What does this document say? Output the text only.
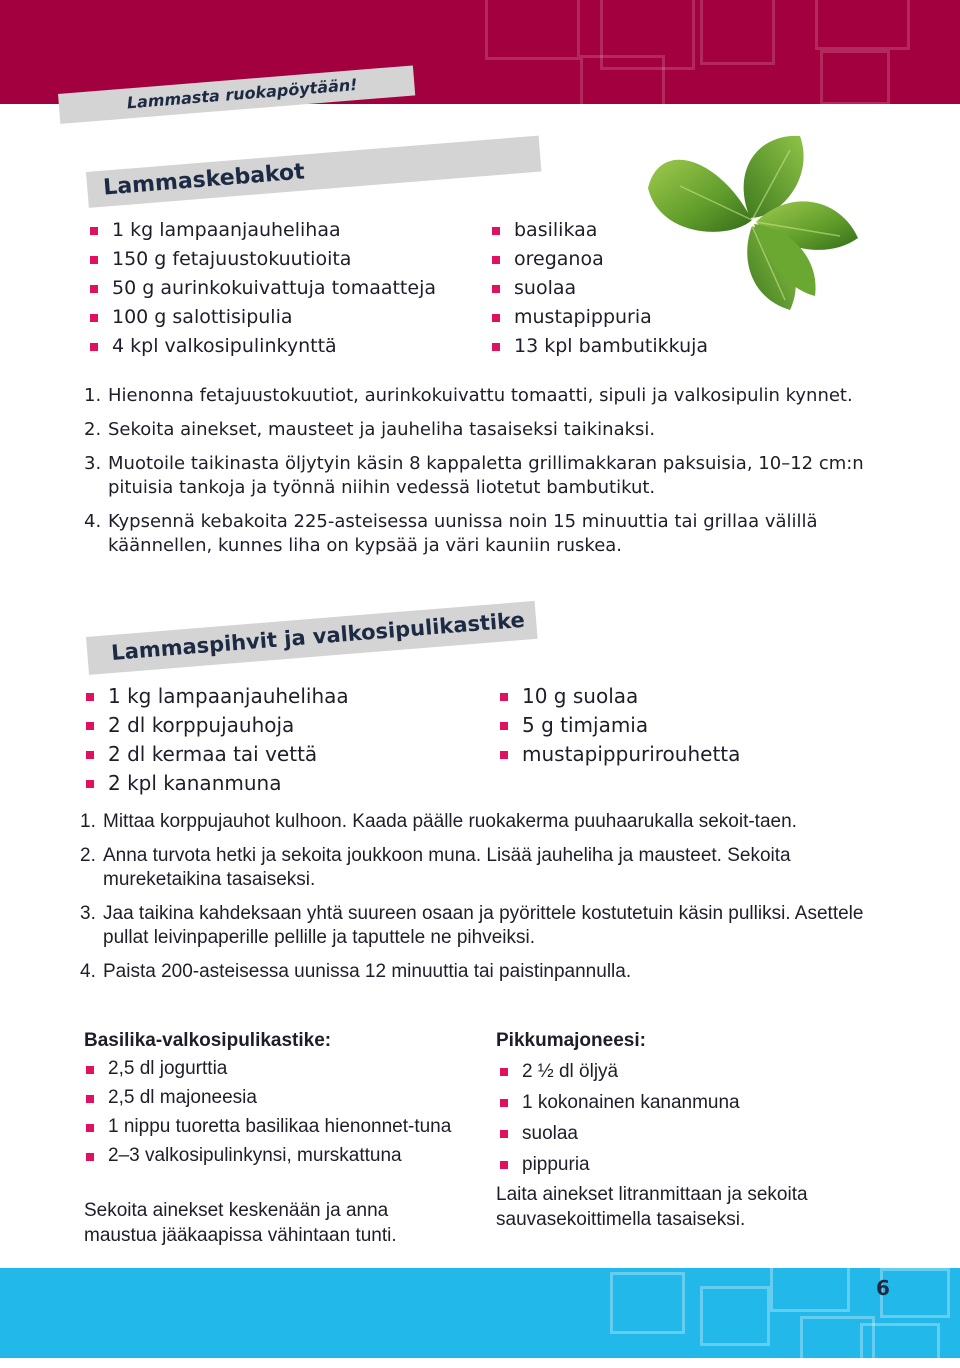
Lammasta ruokapöytään!
Lammaskebakot
1 kg lampaanjauhelihaa
150 g fetajuustokuutioita
50 g aurinkokuivattuja tomaatteja
100 g salottisipulia
4 kpl valkosipulinkynttä
basilikaa
oreganoa
suolaa
mustapippuria
13 kpl bambutikkuja
1. Hienonna fetajuustokuutiot, aurinkokuivattu tomaatti, sipuli ja valkosipulin kynnet.
2. Sekoita ainekset, mausteet ja jauheliha tasaiseksi taikinaksi.
3. Muotoile taikinasta öljytyin käsin 8 kappaletta grillimakkaran paksuisia, 10–12 cm:n pituisia tankoja ja työnnä niihin vedessä liotetut bambutikut.
4. Kypsennä kebakoita 225-asteisessa uunissa noin 15 minuuttia tai grillaa välillä käännellen, kunnes liha on kypsää ja väri kauniin ruskea.
Lammaspihvit ja valkosipulikastike
1 kg lampaanjauhelihaa
2 dl korppujauhoja
2 dl kermaa tai vettä
2 kpl kananmuna
10 g suolaa
5 g timjamia
mustapippurirouhetta
1. Mittaa korppujauhot kulhoon. Kaada päälle ruokakerma puuhaarukalla sekoit-taen.
2. Anna turvota hetki ja sekoita joukkoon muna. Lisää jauheliha ja mausteet. Sekoita mureketaikina tasaiseksi.
3. Jaa taikina kahdeksaan yhtä suureen osaan ja pyörittele kostutetuin käsin pulliksi. Asettele pullat leivinpaperille pellille ja taputtele ne pihveiksi.
4. Paista 200-asteisessa uunissa 12 minuuttia tai paistinpannulla.
Basilika-valkosipulikastike:
2,5 dl jogurttia
2,5 dl majoneesia
1 nippu tuoretta basilikaa hienonnet-tuna
2–3 valkosipulinkynsi, murskattuna
Sekoita ainekset keskenään ja anna maustua jääkaapissa vähintaan tunti.
Pikkumajoneesi:
2 ½ dl öljyä
1 kokonainen kananmuna
suolaa
pippuria
Laita ainekset litranmittaan ja sekoita sauvasekoittimella tasaiseksi.
6
